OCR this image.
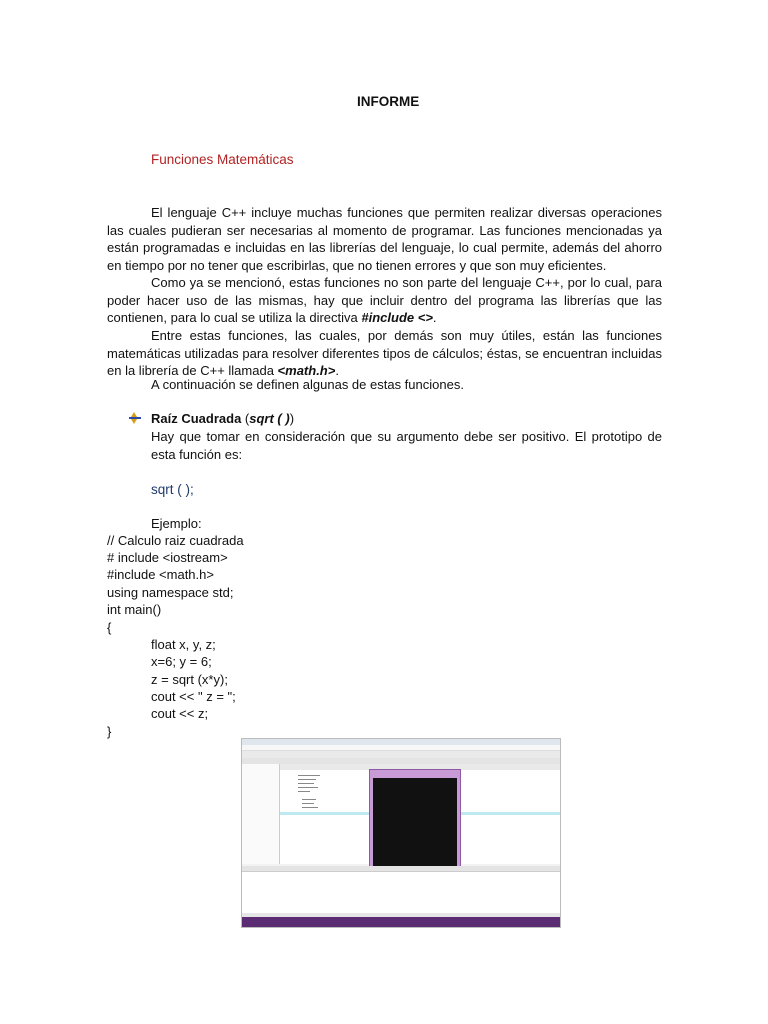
INFORME
Funciones Matemáticas
El lenguaje C++ incluye muchas funciones que permiten realizar diversas operaciones las cuales pudieran ser necesarias al momento de programar. Las funciones mencionadas ya están programadas e incluidas en las librerías del lenguaje, lo cual permite, además del ahorro en tiempo por no tener que escribirlas, que no tienen errores y que son muy eficientes.
Como ya se mencionó, estas funciones no son parte del lenguaje C++, por lo cual, para poder hacer uso de las mismas, hay que incluir dentro del programa las librerías que las contienen, para lo cual se utiliza la directiva #include <>.
Entre estas funciones, las cuales, por demás son muy útiles, están las funciones matemáticas utilizadas para resolver diferentes tipos de cálculos; éstas, se encuentran incluidas en la librería de C++ llamada <math.h>.
A continuación se definen algunas de estas funciones.
Raíz Cuadrada (sqrt ( ))
Hay que tomar en consideración que su argumento debe ser positivo. El prototipo de esta función es:
sqrt ( );
Ejemplo:
// Calculo raiz cuadrada
# include <iostream>
#include <math.h>
using namespace std;
int main()
{
float x, y, z;
x=6; y = 6;
z = sqrt (x*y);
cout << " z = ";
cout << z;
}
